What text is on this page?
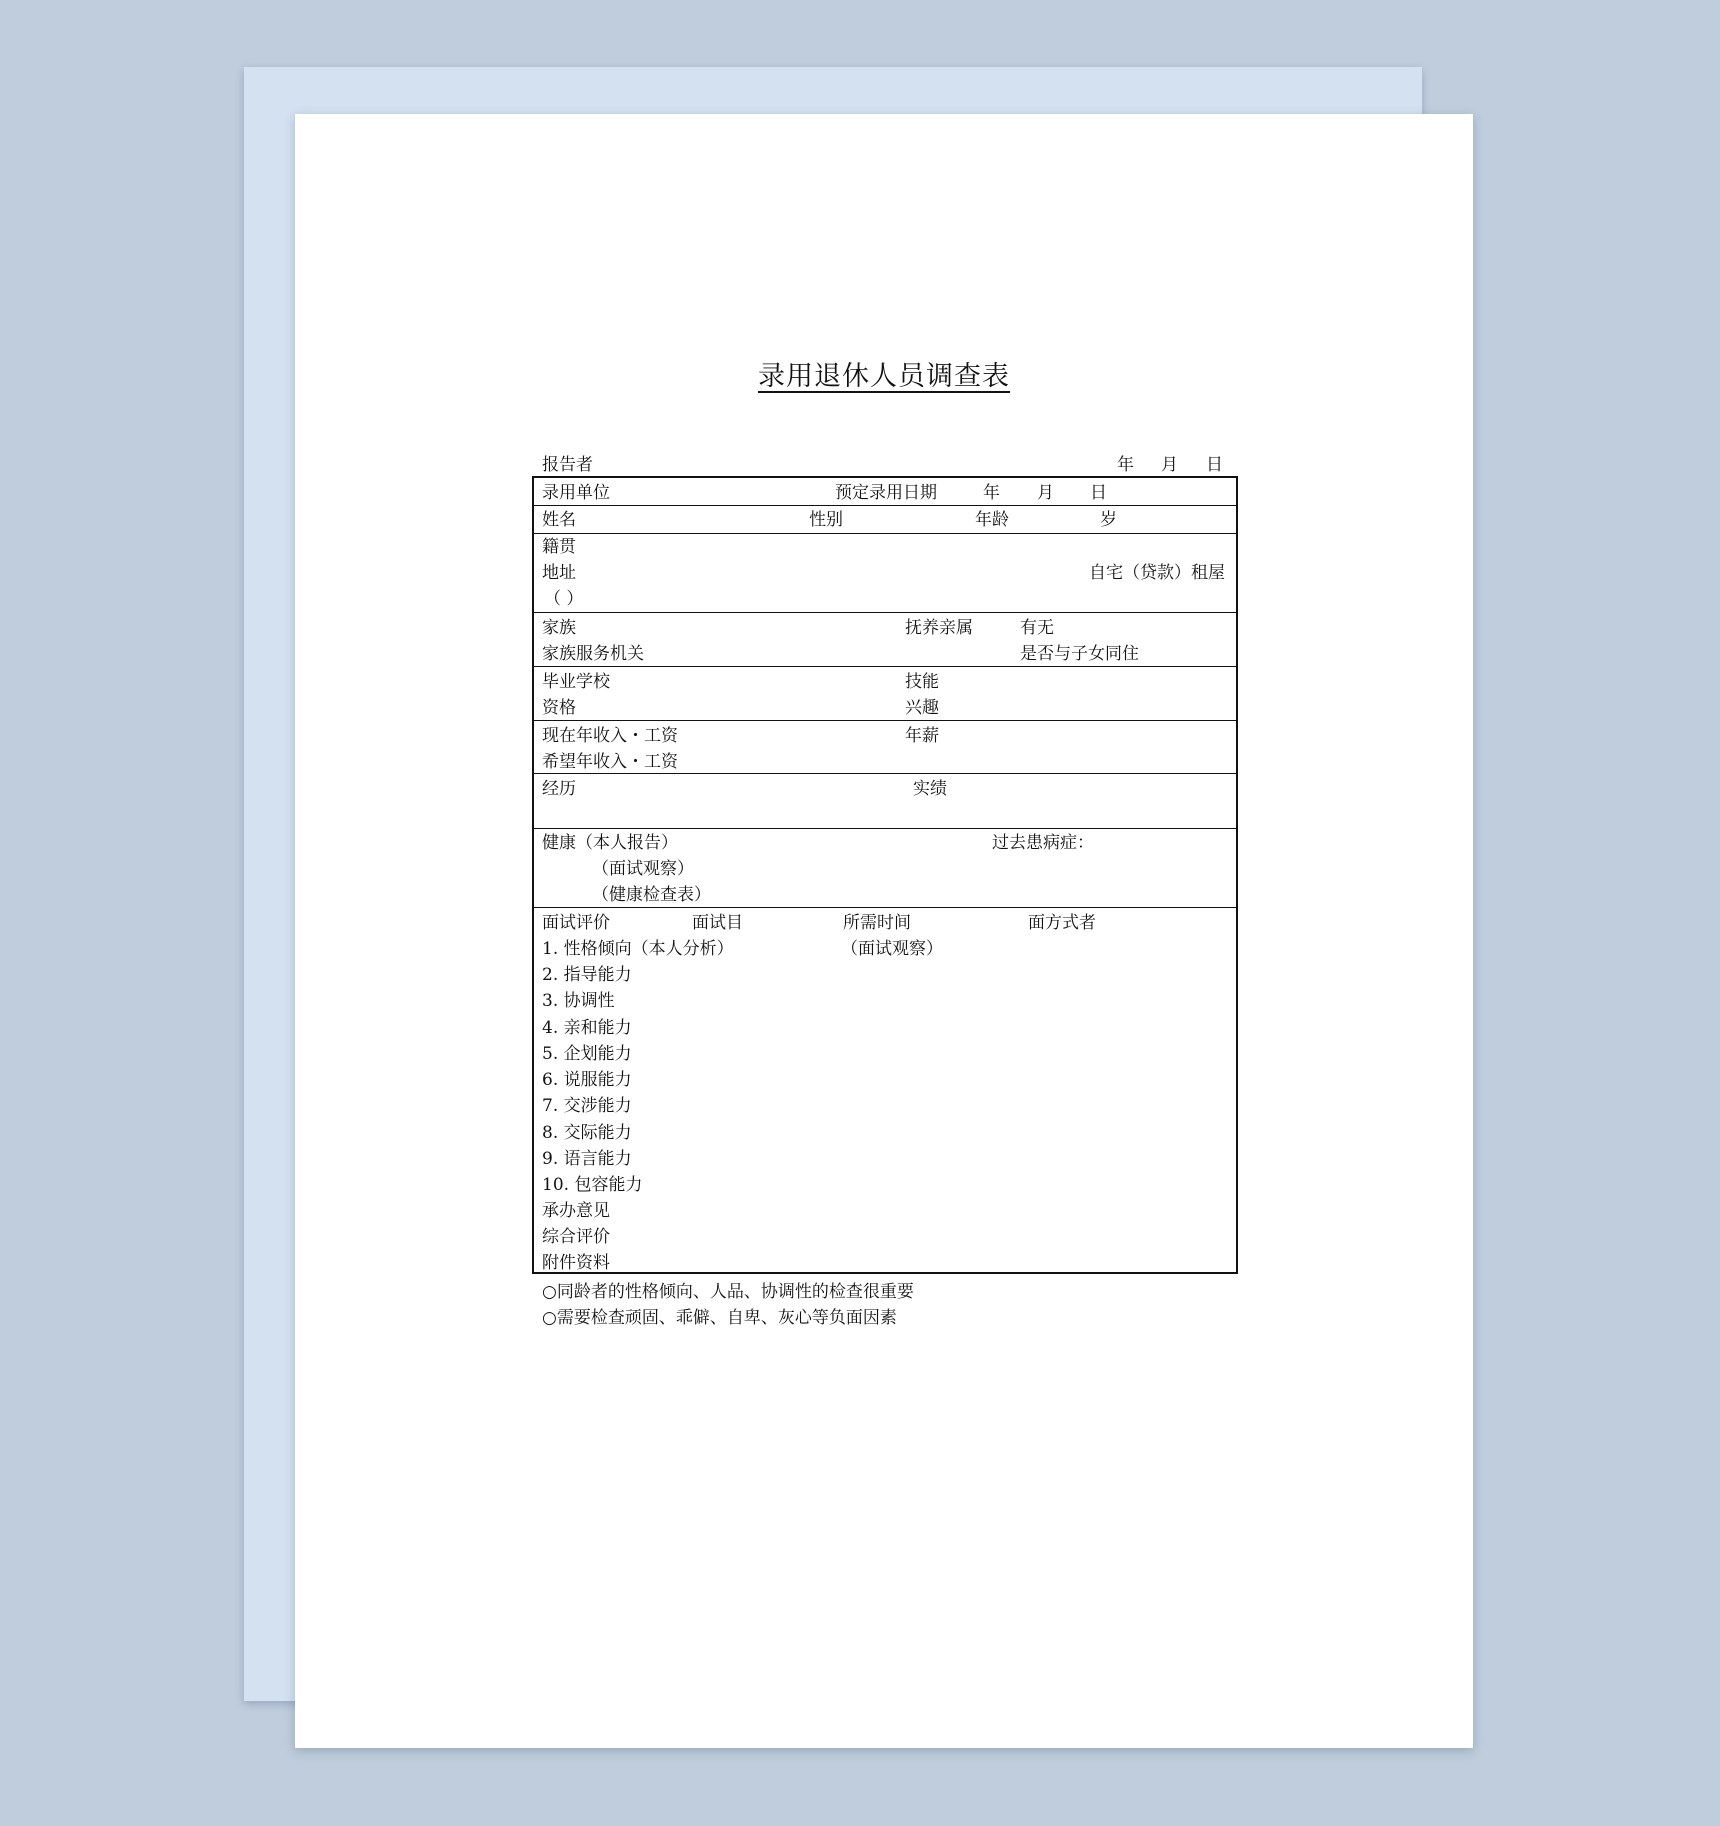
录用退休人员调查表
报告者	年 月 日
录用单位	预定录用日期	年 月 日
姓名	性别	年龄	岁
籍贯
地址	自宅（贷款）租屋
（ ）
家族	抚养亲属	有无
家族服务机关	是否与子女同住
毕业学校	技能
资格	兴趣
现在年收入・工资	年薪
希望年收入・工资
经历	实绩
健康（本人报告）	过去患病症：
（面试观察）
（健康检查表）
面试评价	面试目	所需时间	面方式者
1. 性格倾向（本人分析）	（面试观察）
2. 指导能力
3. 协调性
4. 亲和能力
5. 企划能力
6. 说服能力
7. 交涉能力
8. 交际能力
9. 语言能力
10. 包容能力
承办意见
综合评价
附件资料
○同龄者的性格倾向、人品、协调性的检查很重要
○需要检查顽固、乖僻、自卑、灰心等负面因素
